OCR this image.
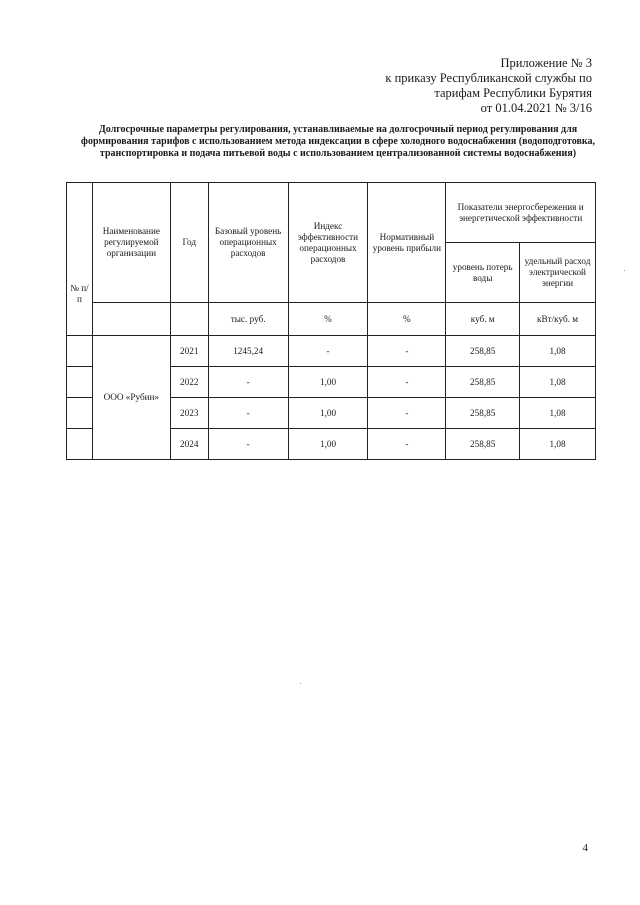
Приложение № 3
к приказу Республиканской службы по
тарифам Республики Бурятия
от 01.04.2021 № 3/16
Долгосрочные параметры регулирования, устанавливаемые на долгосрочный период регулирования для формирования тарифов с использованием метода индексации в сфере холодного водоснабжения (водоподготовка, транспортировка и подача питьевой воды с использованием централизованной системы водоснабжения)
№ п/п	Наименование регулируемой организации	Год	Базовый уровень операционных расходов	Индекс эффективности операционных расходов	Нормативный уровень прибыли	Показатели энергосбережения и энергетической эффективности	
						уровень потерь воды	удельный расход электрической энергии
			тыс. руб.	%	%	куб. м	кВт/куб. м
	ООО «Рубин»	2021	1245,24	-	-	258,85	1,08
		2022	-	1,00	-	258,85	1,08
		2023	-	1,00	-	258,85	1,08
		2024	-	1,00	-	258,85	1,08
4
